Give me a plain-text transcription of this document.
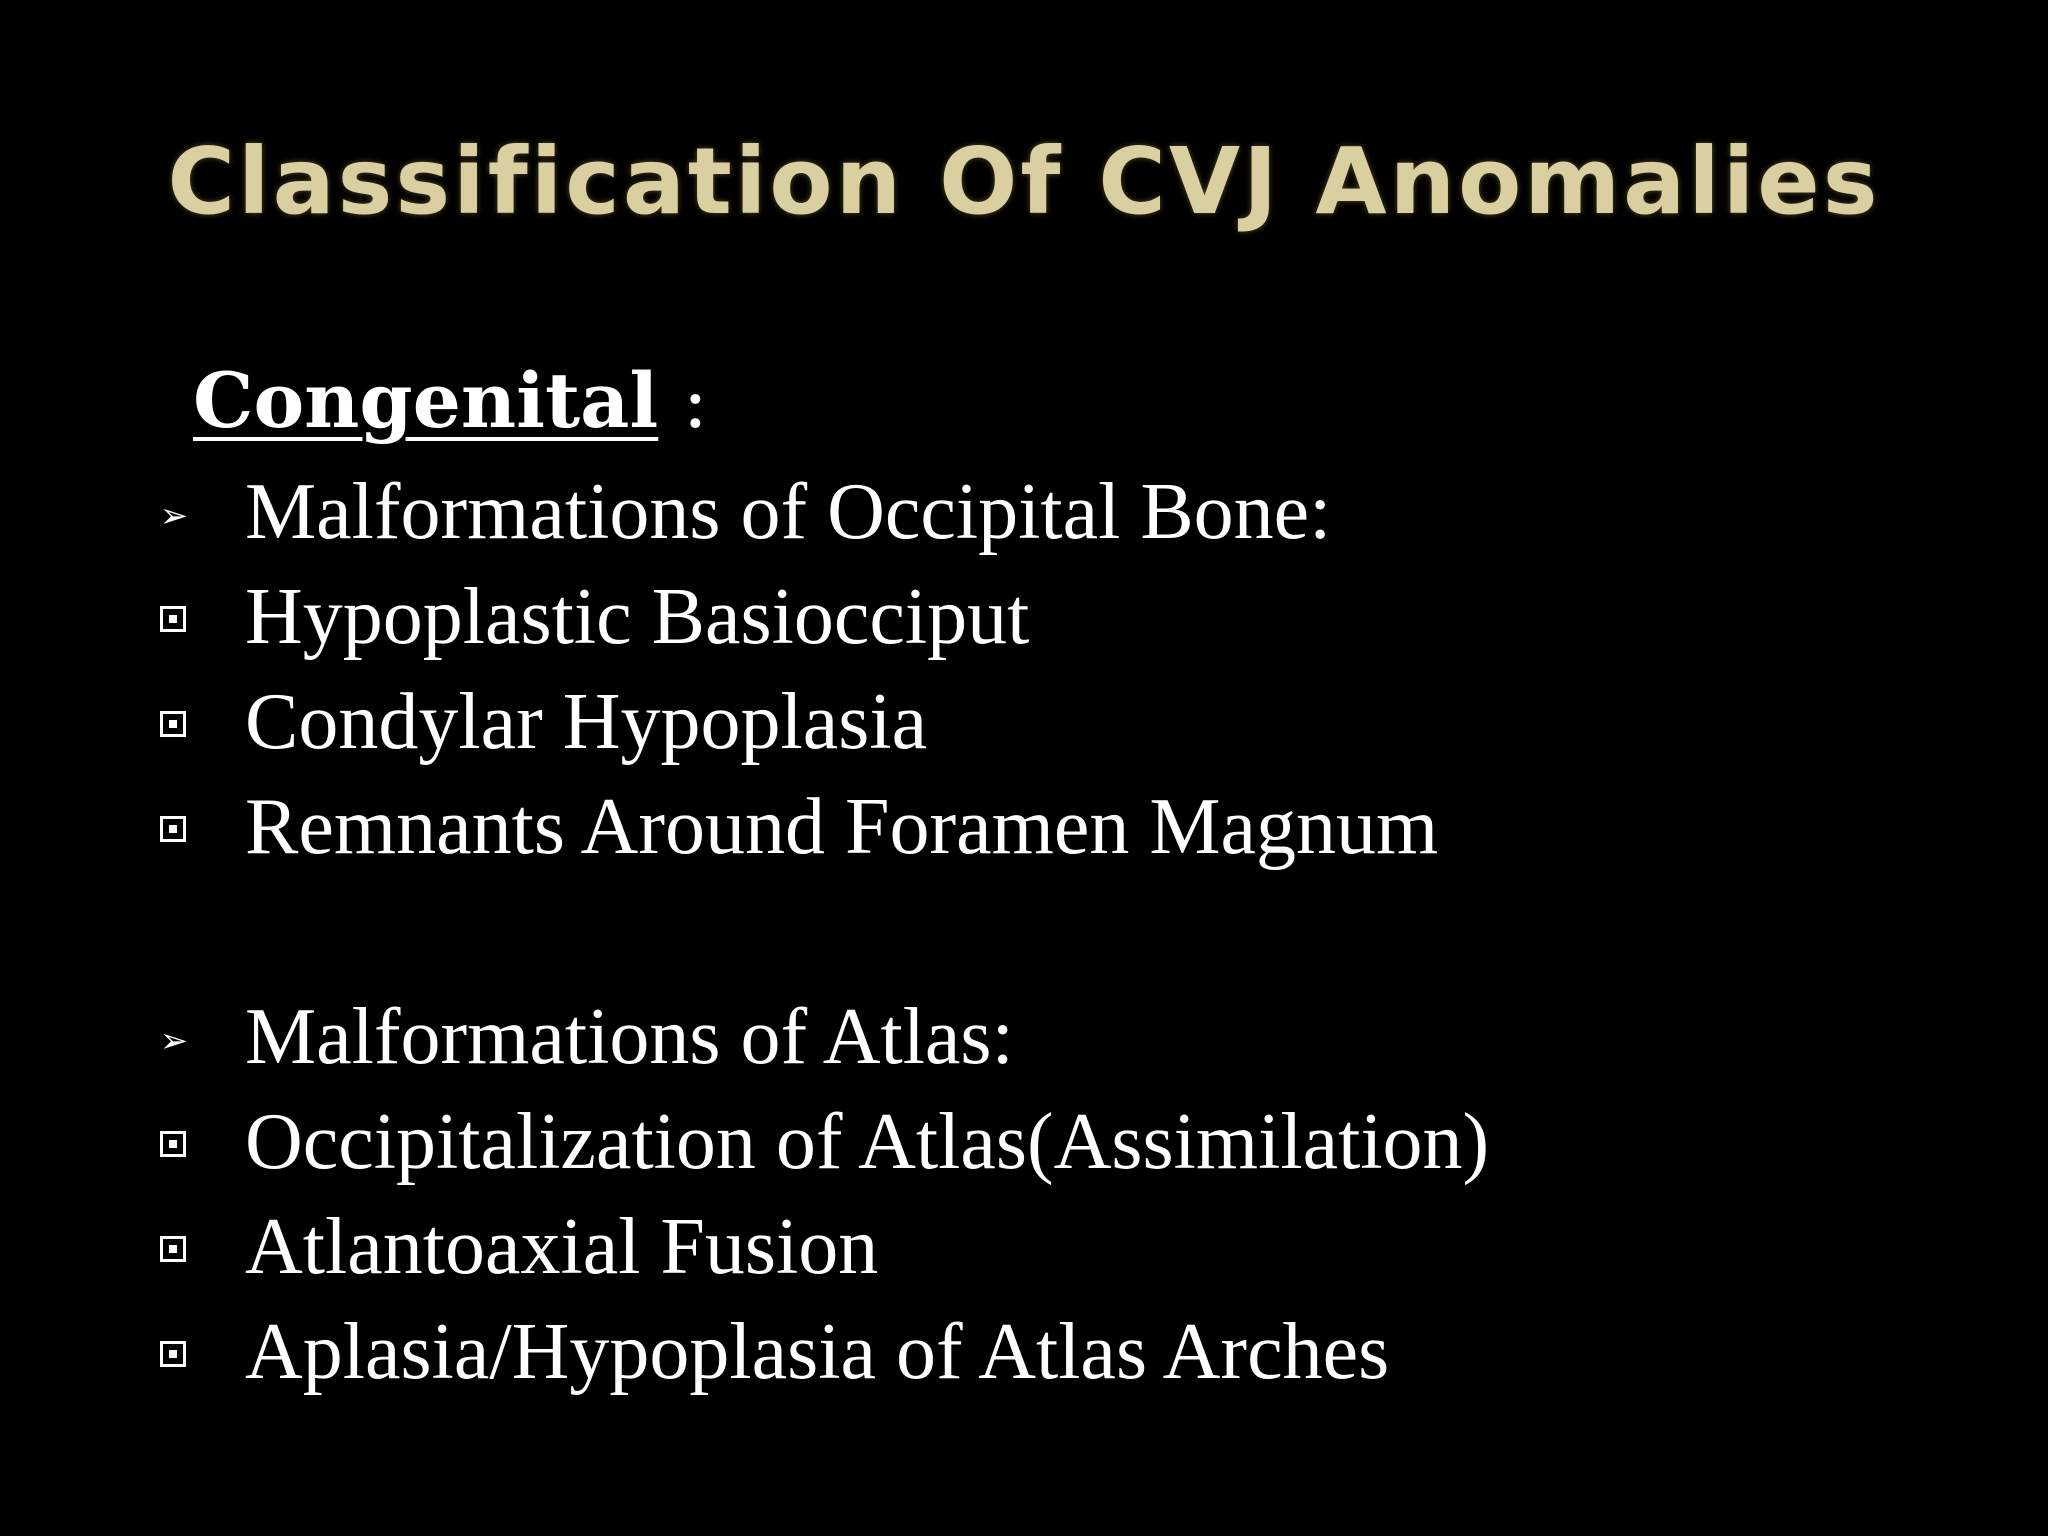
Classification Of CVJ Anomalies
Congenital :
➢ Malformations of Occipital Bone:
Hypoplastic Basiocciput
Condylar Hypoplasia
Remnants Around Foramen Magnum
➢ Malformations of Atlas:
Occipitalization of Atlas(Assimilation)
Atlantoaxial Fusion
Aplasia/Hypoplasia of Atlas Arches
